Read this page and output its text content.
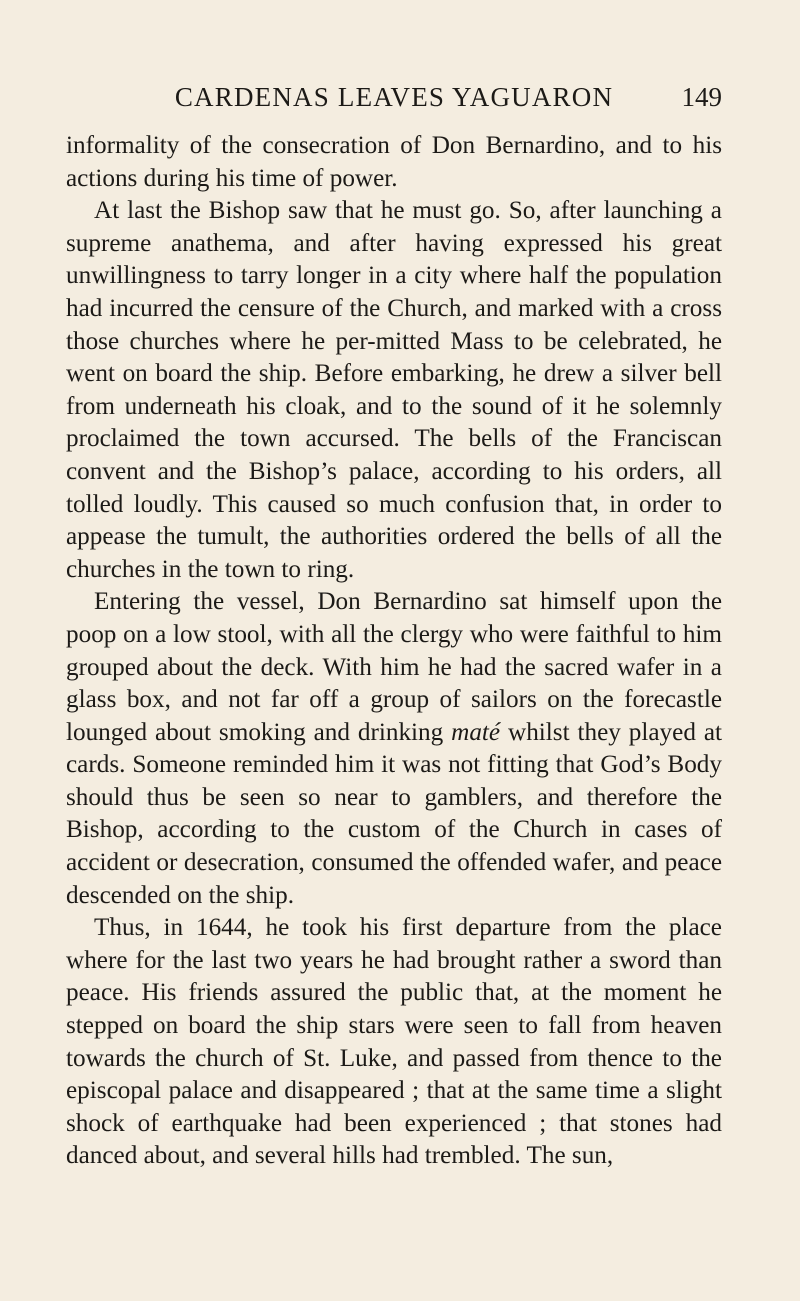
CARDENAS LEAVES YAGUARON	149

informality of the consecration of Don Bernardino, and to his actions during his time of power.

At last the Bishop saw that he must go. So, after launching a supreme anathema, and after having expressed his great unwillingness to tarry longer in a city where half the population had incurred the censure of the Church, and marked with a cross those churches where he per-mitted Mass to be celebrated, he went on board the ship. Before embarking, he drew a silver bell from underneath his cloak, and to the sound of it he solemnly proclaimed the town accursed. The bells of the Franciscan convent and the Bishop’s palace, according to his orders, all tolled loudly. This caused so much confusion that, in order to appease the tumult, the authorities ordered the bells of all the churches in the town to ring.

Entering the vessel, Don Bernardino sat himself upon the poop on a low stool, with all the clergy who were faithful to him grouped about the deck. With him he had the sacred wafer in a glass box, and not far off a group of sailors on the forecastle lounged about smoking and drinking maté whilst they played at cards. Someone reminded him it was not fitting that God’s Body should thus be seen so near to gamblers, and therefore the Bishop, according to the custom of the Church in cases of accident or desecration, consumed the offended wafer, and peace descended on the ship.

Thus, in 1644, he took his first departure from the place where for the last two years he had brought rather a sword than peace. His friends assured the public that, at the moment he stepped on board the ship stars were seen to fall from heaven towards the church of St. Luke, and passed from thence to the episcopal palace and disappeared ; that at the same time a slight shock of earthquake had been experienced ; that stones had danced about, and several hills had trembled. The sun,
